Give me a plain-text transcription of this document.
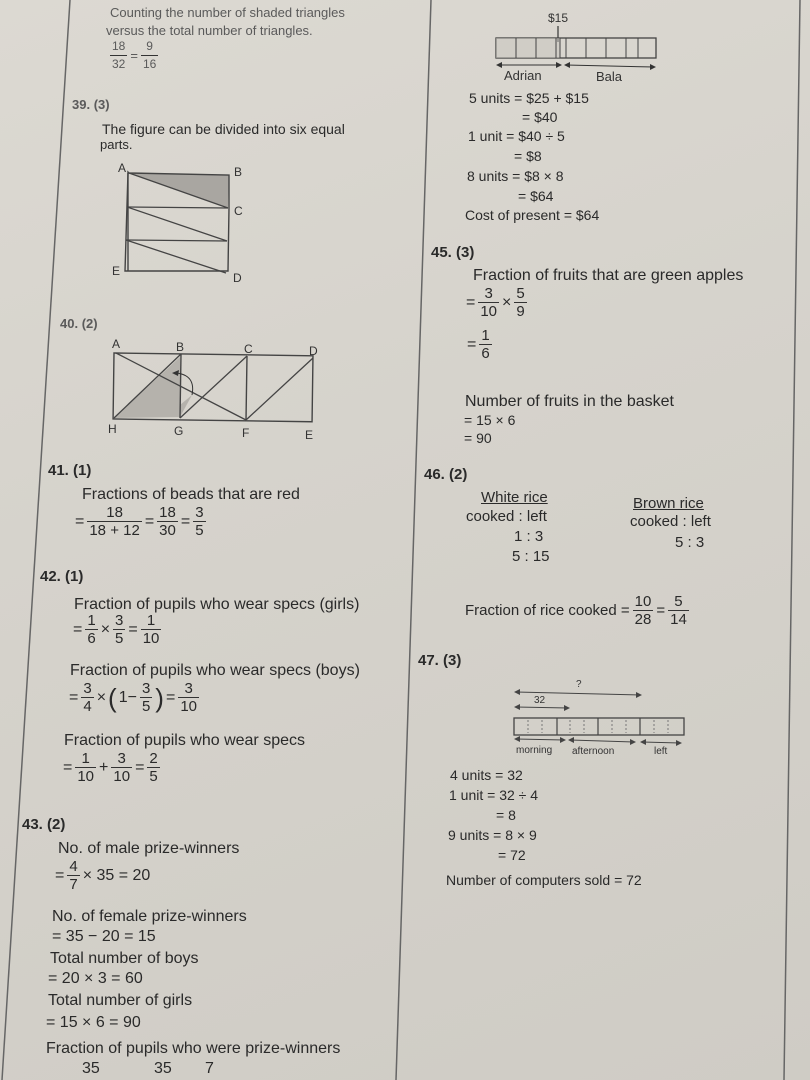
Counting the number of shaded triangles
versus the total number of triangles.
$\frac{18}{32} = \frac{9}{16}$
39. (3)
The figure can be divided into six equal
parts.
A	B
C
E	D
40. (2)
A	B	C	D
H	G	F	E
41. (1)
Fractions of beads that are red
= $\frac{18}{18 + 12} = \frac{18}{30} = \frac{3}{5}$
42. (1)
Fraction of pupils who wear specs (girls)
= $\frac{1}{6} \times \frac{3}{5} = \frac{1}{10}$
Fraction of pupils who wear specs (boys)
= $\frac{3}{4}$ ×( $1- \frac{3}{5}$ ) = $\frac{3}{10}$
Fraction of pupils who wear specs
= $\frac{1}{10} + \frac{3}{10} = \frac{2}{5}$
43. (2)
No. of male prize-winners
= $\frac{4}{7} \times 35 = 20$
No. of female prize-winners
= 35 − 20 = 15
Total number of boys
= 20 × 3 = 60
Total number of girls
= 15 × 6 = 90
Fraction of pupils who were prize-winners
35	35 7
$15
Adrian	Bala
5 units = $25 + $15
= $40
1 unit = $40 ÷ 5
= $8
8 units = $8 × 8
= $64
Cost of present = $64
45. (3)
Fraction of fruits that are green apples
= $\frac{3}{10} \times \frac{5}{9}$
= $\frac{1}{6}$
Number of fruits in the basket
= 15 × 6
= 90
46. (2)
White rice
cooked : left
1 : 3
5 : 15
Brown rice
cooked : left
5 : 3
Fraction of rice cooked = $\frac{10}{28} = \frac{5}{14}$
47. (3)
?
32
morning afternoon	left
4 units = 32
1 unit = 32 ÷ 4
= 8
9 units = 8 × 9
= 72
Number of computers sold = 72
